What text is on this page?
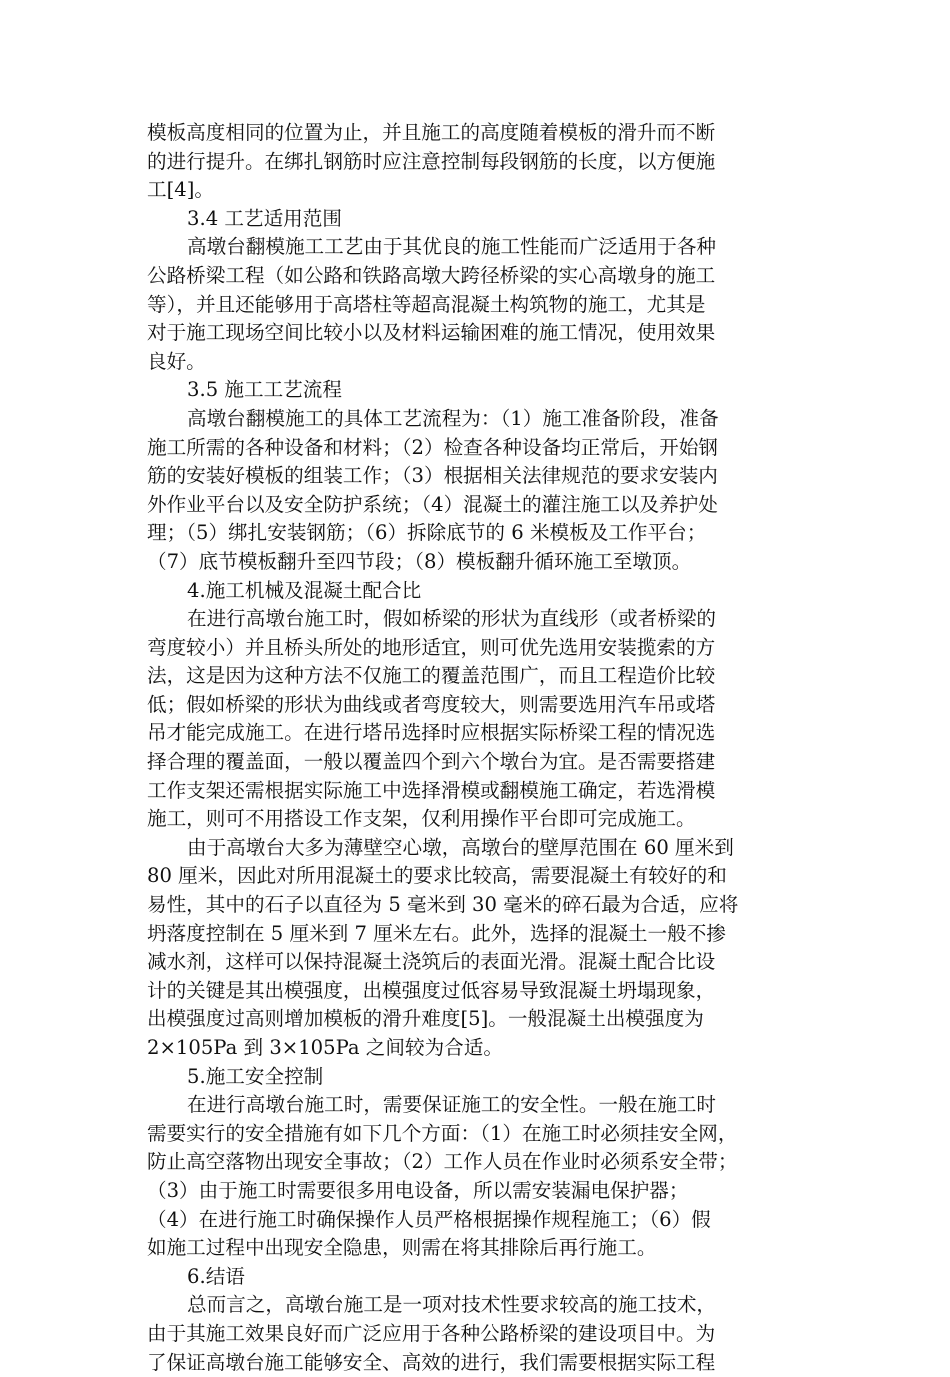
模板高度相同的位置为止，并且施工的高度随着模板的滑升而不断
的进行提升。在绑扎钢筋时应注意控制每段钢筋的长度，以方便施
工[4]。
3.4 工艺适用范围
高墩台翻模施工工艺由于其优良的施工性能而广泛适用于各种
公路桥梁工程（如公路和铁路高墩大跨径桥梁的实心高墩身的施工
等），并且还能够用于高塔柱等超高混凝土构筑物的施工，尤其是
对于施工现场空间比较小以及材料运输困难的施工情况，使用效果
良好。
3.5 施工工艺流程
高墩台翻模施工的具体工艺流程为：（1）施工准备阶段，准备
施工所需的各种设备和材料；（2）检查各种设备均正常后，开始钢
筋的安装好模板的组装工作；（3）根据相关法律规范的要求安装内
外作业平台以及安全防护系统；（4）混凝土的灌注施工以及养护处
理；（5）绑扎安装钢筋；（6）拆除底节的 6 米模板及工作平台；
（7）底节模板翻升至四节段；（8）模板翻升循环施工至墩顶。
4.施工机械及混凝土配合比
在进行高墩台施工时，假如桥梁的形状为直线形（或者桥梁的
弯度较小）并且桥头所处的地形适宜，则可优先选用安装揽索的方
法，这是因为这种方法不仅施工的覆盖范围广，而且工程造价比较
低；假如桥梁的形状为曲线或者弯度较大，则需要选用汽车吊或塔
吊才能完成施工。在进行塔吊选择时应根据实际桥梁工程的情况选
择合理的覆盖面，一般以覆盖四个到六个墩台为宜。是否需要搭建
工作支架还需根据实际施工中选择滑模或翻模施工确定，若选滑模
施工，则可不用搭设工作支架，仅利用操作平台即可完成施工。
由于高墩台大多为薄壁空心墩，高墩台的壁厚范围在 60 厘米到
80 厘米，因此对所用混凝土的要求比较高，需要混凝土有较好的和
易性，其中的石子以直径为 5 毫米到 30 毫米的碎石最为合适，应将
坍落度控制在 5 厘米到 7 厘米左右。此外，选择的混凝土一般不掺
减水剂，这样可以保持混凝土浇筑后的表面光滑。混凝土配合比设
计的关键是其出模强度，出模强度过低容易导致混凝土坍塌现象，
出模强度过高则增加模板的滑升难度[5]。一般混凝土出模强度为
2×105Pa 到 3×105Pa 之间较为合适。
5.施工安全控制
在进行高墩台施工时，需要保证施工的安全性。一般在施工时
需要实行的安全措施有如下几个方面：（1）在施工时必须挂安全网，
防止高空落物出现安全事故；（2）工作人员在作业时必须系安全带；
（3）由于施工时需要很多用电设备，所以需安装漏电保护器；
（4）在进行施工时确保操作人员严格根据操作规程施工；（6）假
如施工过程中出现安全隐患，则需在将其排除后再行施工。
6.结语
总而言之，高墩台施工是一项对技术性要求较高的施工技术，
由于其施工效果良好而广泛应用于各种公路桥梁的建设项目中。为
了保证高墩台施工能够安全、高效的进行，我们需要根据实际工程
